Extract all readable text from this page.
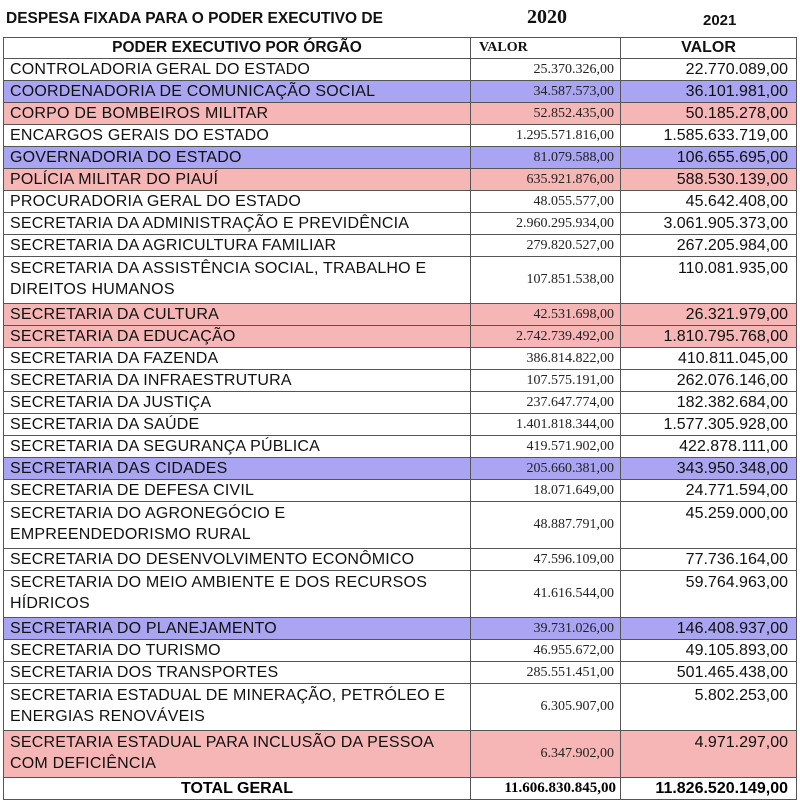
DESPESA FIXADA PARA O PODER EXECUTIVO DE	2020	2021
PODER EXECUTIVO POR ÓRGÃO	VALOR	VALOR
CONTROLADORIA GERAL DO ESTADO	25.370.326,00	22.770.089,00
COORDENADORIA DE COMUNICAÇÃO SOCIAL	34.587.573,00	36.101.981,00
CORPO DE BOMBEIROS MILITAR	52.852.435,00	50.185.278,00
ENCARGOS GERAIS DO ESTADO	1.295.571.816,00	1.585.633.719,00
GOVERNADORIA DO ESTADO	81.079.588,00	106.655.695,00
POLÍCIA MILITAR DO PIAUÍ	635.921.876,00	588.530.139,00
PROCURADORIA GERAL DO ESTADO	48.055.577,00	45.642.408,00
SECRETARIA DA ADMINISTRAÇÃO E PREVIDÊNCIA	2.960.295.934,00	3.061.905.373,00
SECRETARIA DA AGRICULTURA FAMILIAR	279.820.527,00	267.205.984,00
SECRETARIA DA ASSISTÊNCIA SOCIAL, TRABALHO E DIREITOS HUMANOS	107.851.538,00	110.081.935,00
SECRETARIA DA CULTURA	42.531.698,00	26.321.979,00
SECRETARIA DA EDUCAÇÃO	2.742.739.492,00	1.810.795.768,00
SECRETARIA DA FAZENDA	386.814.822,00	410.811.045,00
SECRETARIA DA INFRAESTRUTURA	107.575.191,00	262.076.146,00
SECRETARIA DA JUSTIÇA	237.647.774,00	182.382.684,00
SECRETARIA DA SAÚDE	1.401.818.344,00	1.577.305.928,00
SECRETARIA DA SEGURANÇA PÚBLICA	419.571.902,00	422.878.111,00
SECRETARIA DAS CIDADES	205.660.381,00	343.950.348,00
SECRETARIA DE DEFESA CIVIL	18.071.649,00	24.771.594,00
SECRETARIA DO AGRONEGÓCIO E EMPREENDEDORISMO RURAL	48.887.791,00	45.259.000,00
SECRETARIA DO DESENVOLVIMENTO ECONÔMICO	47.596.109,00	77.736.164,00
SECRETARIA DO MEIO AMBIENTE E DOS RECURSOS HÍDRICOS	41.616.544,00	59.764.963,00
SECRETARIA DO PLANEJAMENTO	39.731.026,00	146.408.937,00
SECRETARIA DO TURISMO	46.955.672,00	49.105.893,00
SECRETARIA DOS TRANSPORTES	285.551.451,00	501.465.438,00
SECRETARIA ESTADUAL DE MINERAÇÃO, PETRÓLEO E ENERGIAS RENOVÁVEIS	6.305.907,00	5.802.253,00
SECRETARIA ESTADUAL PARA INCLUSÃO DA PESSOA COM DEFICIÊNCIA	6.347.902,00	4.971.297,00
TOTAL GERAL	11.606.830.845,00	11.826.520.149,00
